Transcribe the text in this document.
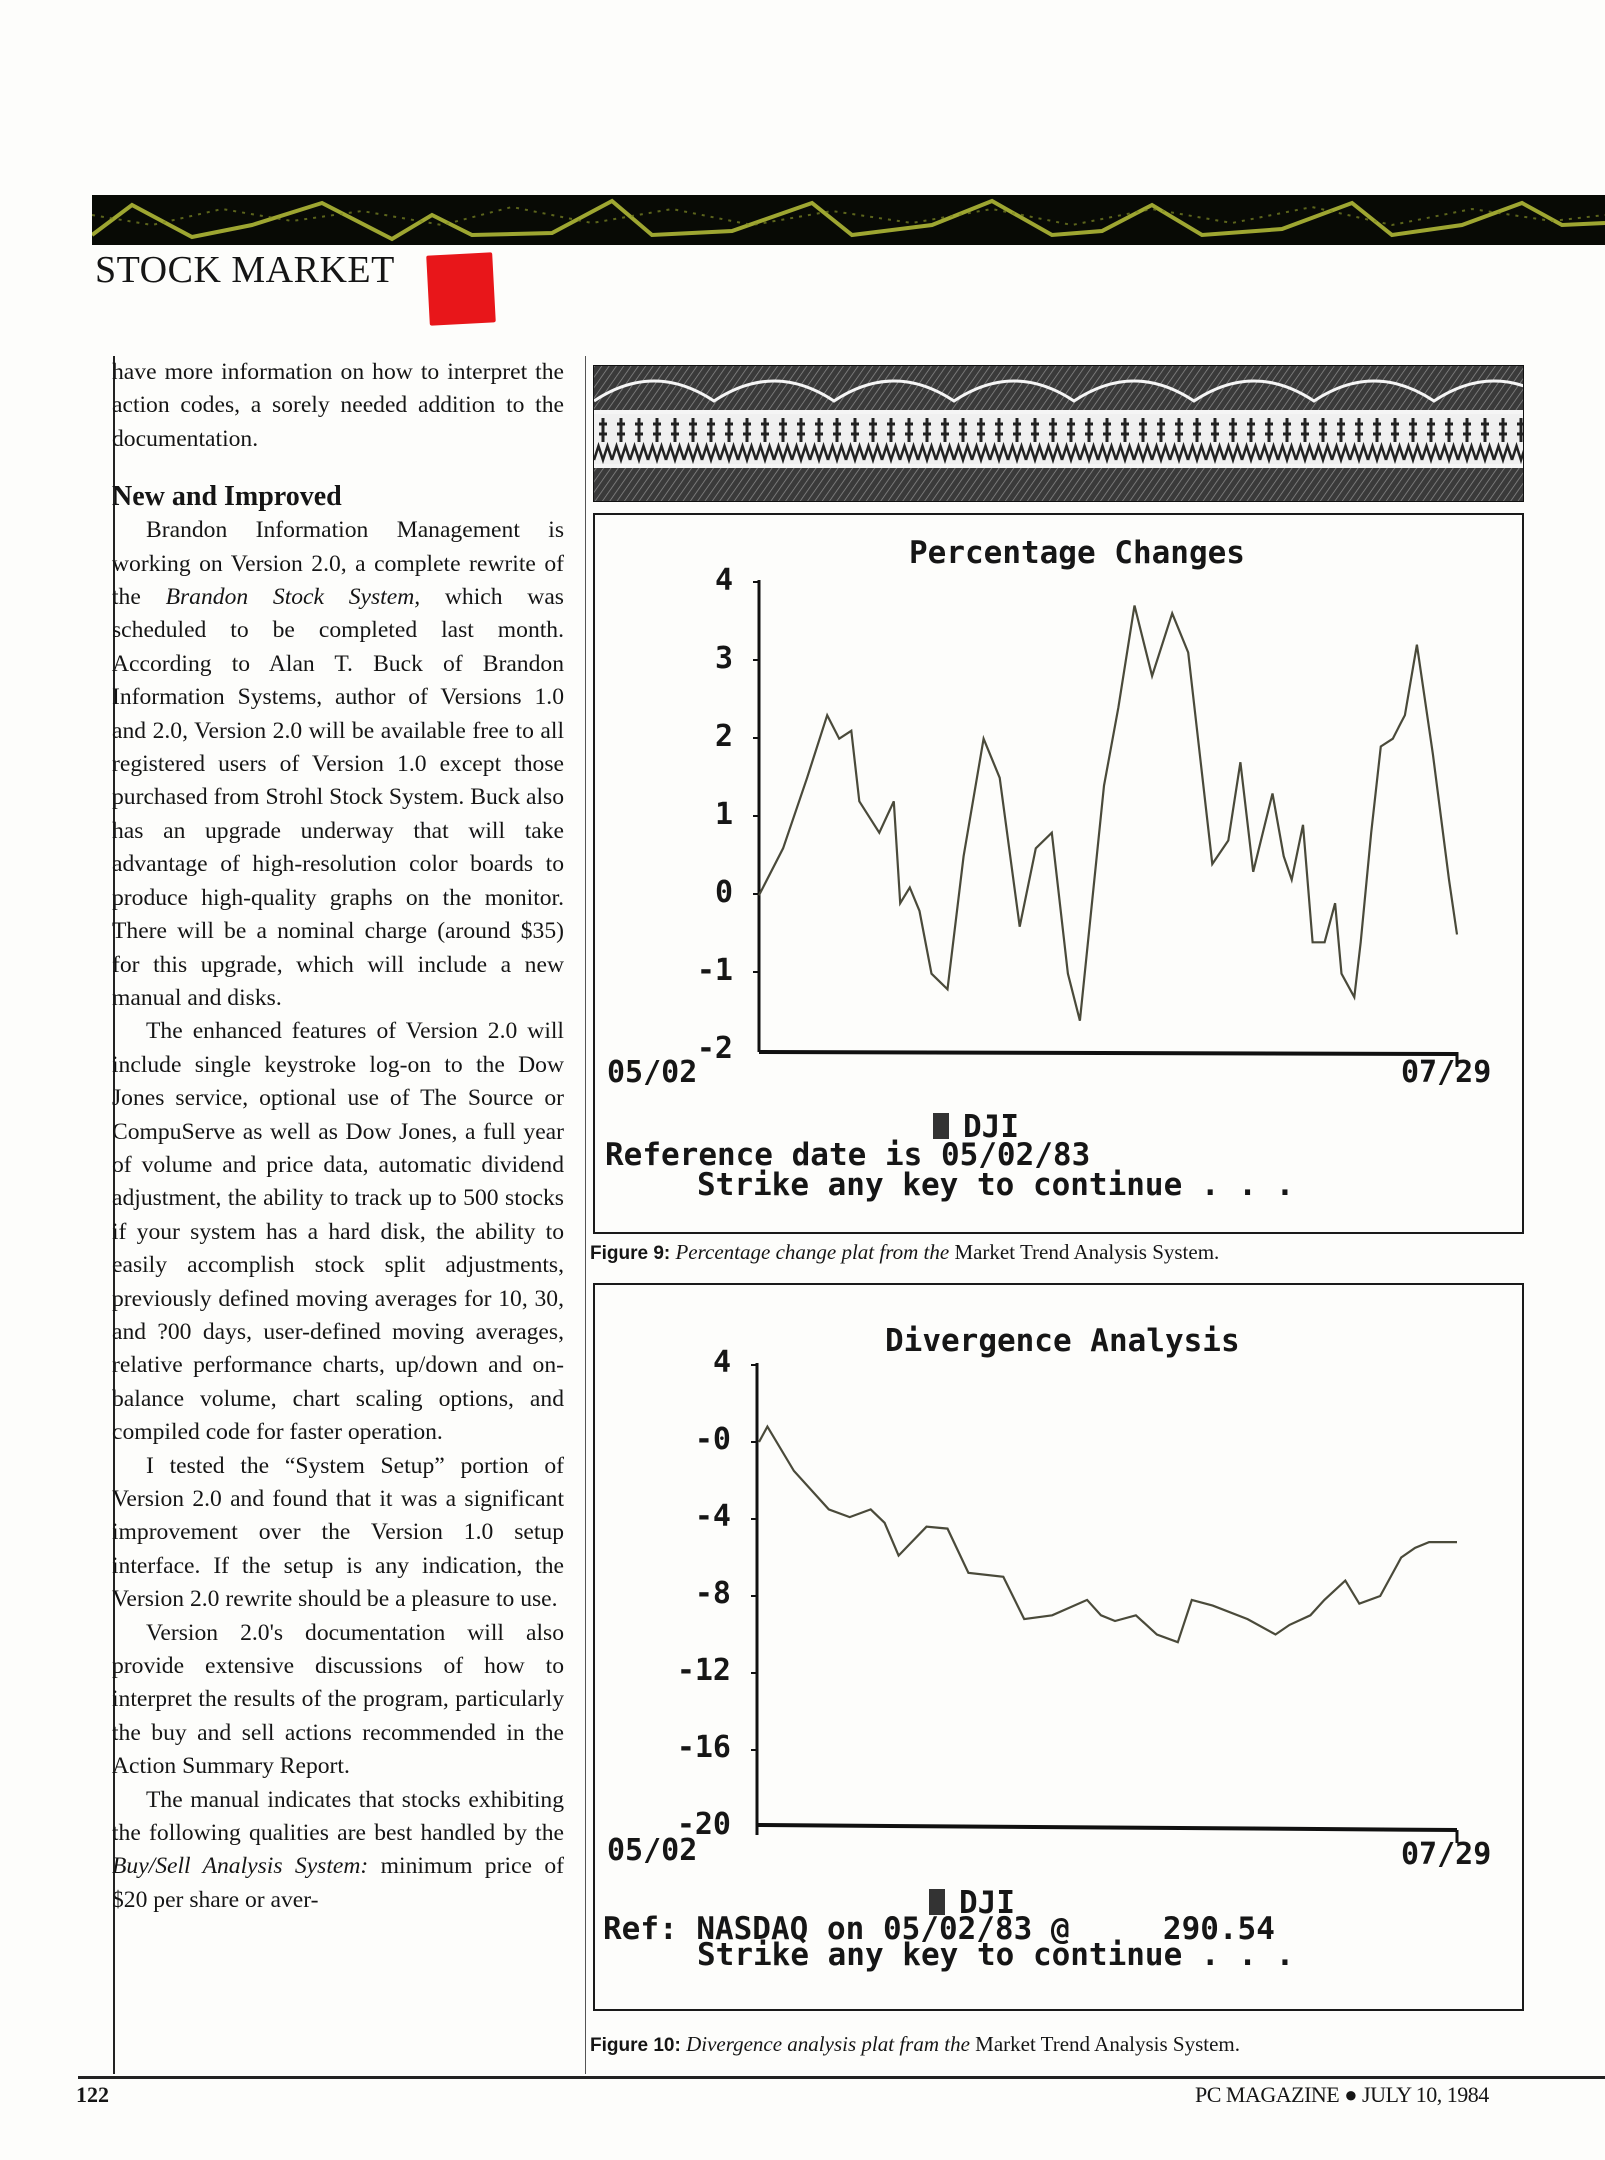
STOCK MARKET

have more information on how to interpret the action codes, a sorely needed addition to the documentation.

New and Improved

Brandon Information Management is working on Version 2.0, a complete rewrite of the Brandon Stock System, which was scheduled to be completed last month. According to Alan T. Buck of Brandon Information Systems, author of Versions 1.0 and 2.0, Version 2.0 will be available free to all registered users of Version 1.0 except those purchased from Strohl Stock System. Buck also has an upgrade underway that will take advantage of high-resolution color boards to produce high-quality graphs on the monitor. There will be a nominal charge (around $35) for this upgrade, which will include a new manual and disks.

The enhanced features of Version 2.0 will include single keystroke log-on to the Dow Jones service, optional use of The Source or CompuServe as well as Dow Jones, a full year of volume and price data, automatic dividend adjustment, the ability to track up to 500 stocks if your system has a hard disk, the ability to easily accomplish stock split adjustments, previously defined moving averages for 10, 30, and ?00 days, user-defined moving averages, relative performance charts, up/down and on-balance volume, chart scaling options, and compiled code for faster operation.

I tested the “System Setup” portion of Version 2.0 and found that it was a significant improvement over the Version 1.0 setup interface. If the setup is any indication, the Version 2.0 rewrite should be a pleasure to use.

Version 2.0's documentation will also provide extensive discussions of how to interpret the results of the program, particularly the buy and sell actions recommended in the Action Summary Report.

The manual indicates that stocks exhibiting the following qualities are best handled by the Buy/Sell Analysis System: minimum price of $20 per share or aver-

Percentage Changes
4
3
2
1
0
-1
-2
05/02	07/29
DJI
Reference date is 05/02/83
Strike any key to continue . . .
Figure 9: Percentage change plat from the Market Trend Analysis System.
Divergence Analysis
4
-0
-4
-8
-12
-16
-20
05/02	07/29
DJI
Ref: NASDAQ on 05/02/83 @     290.54
Strike any key to continue . . .
Figure 10: Divergence analysis plat fram the Market Trend Analysis System.
122	PC MAGAZINE ● JULY 10, 1984
